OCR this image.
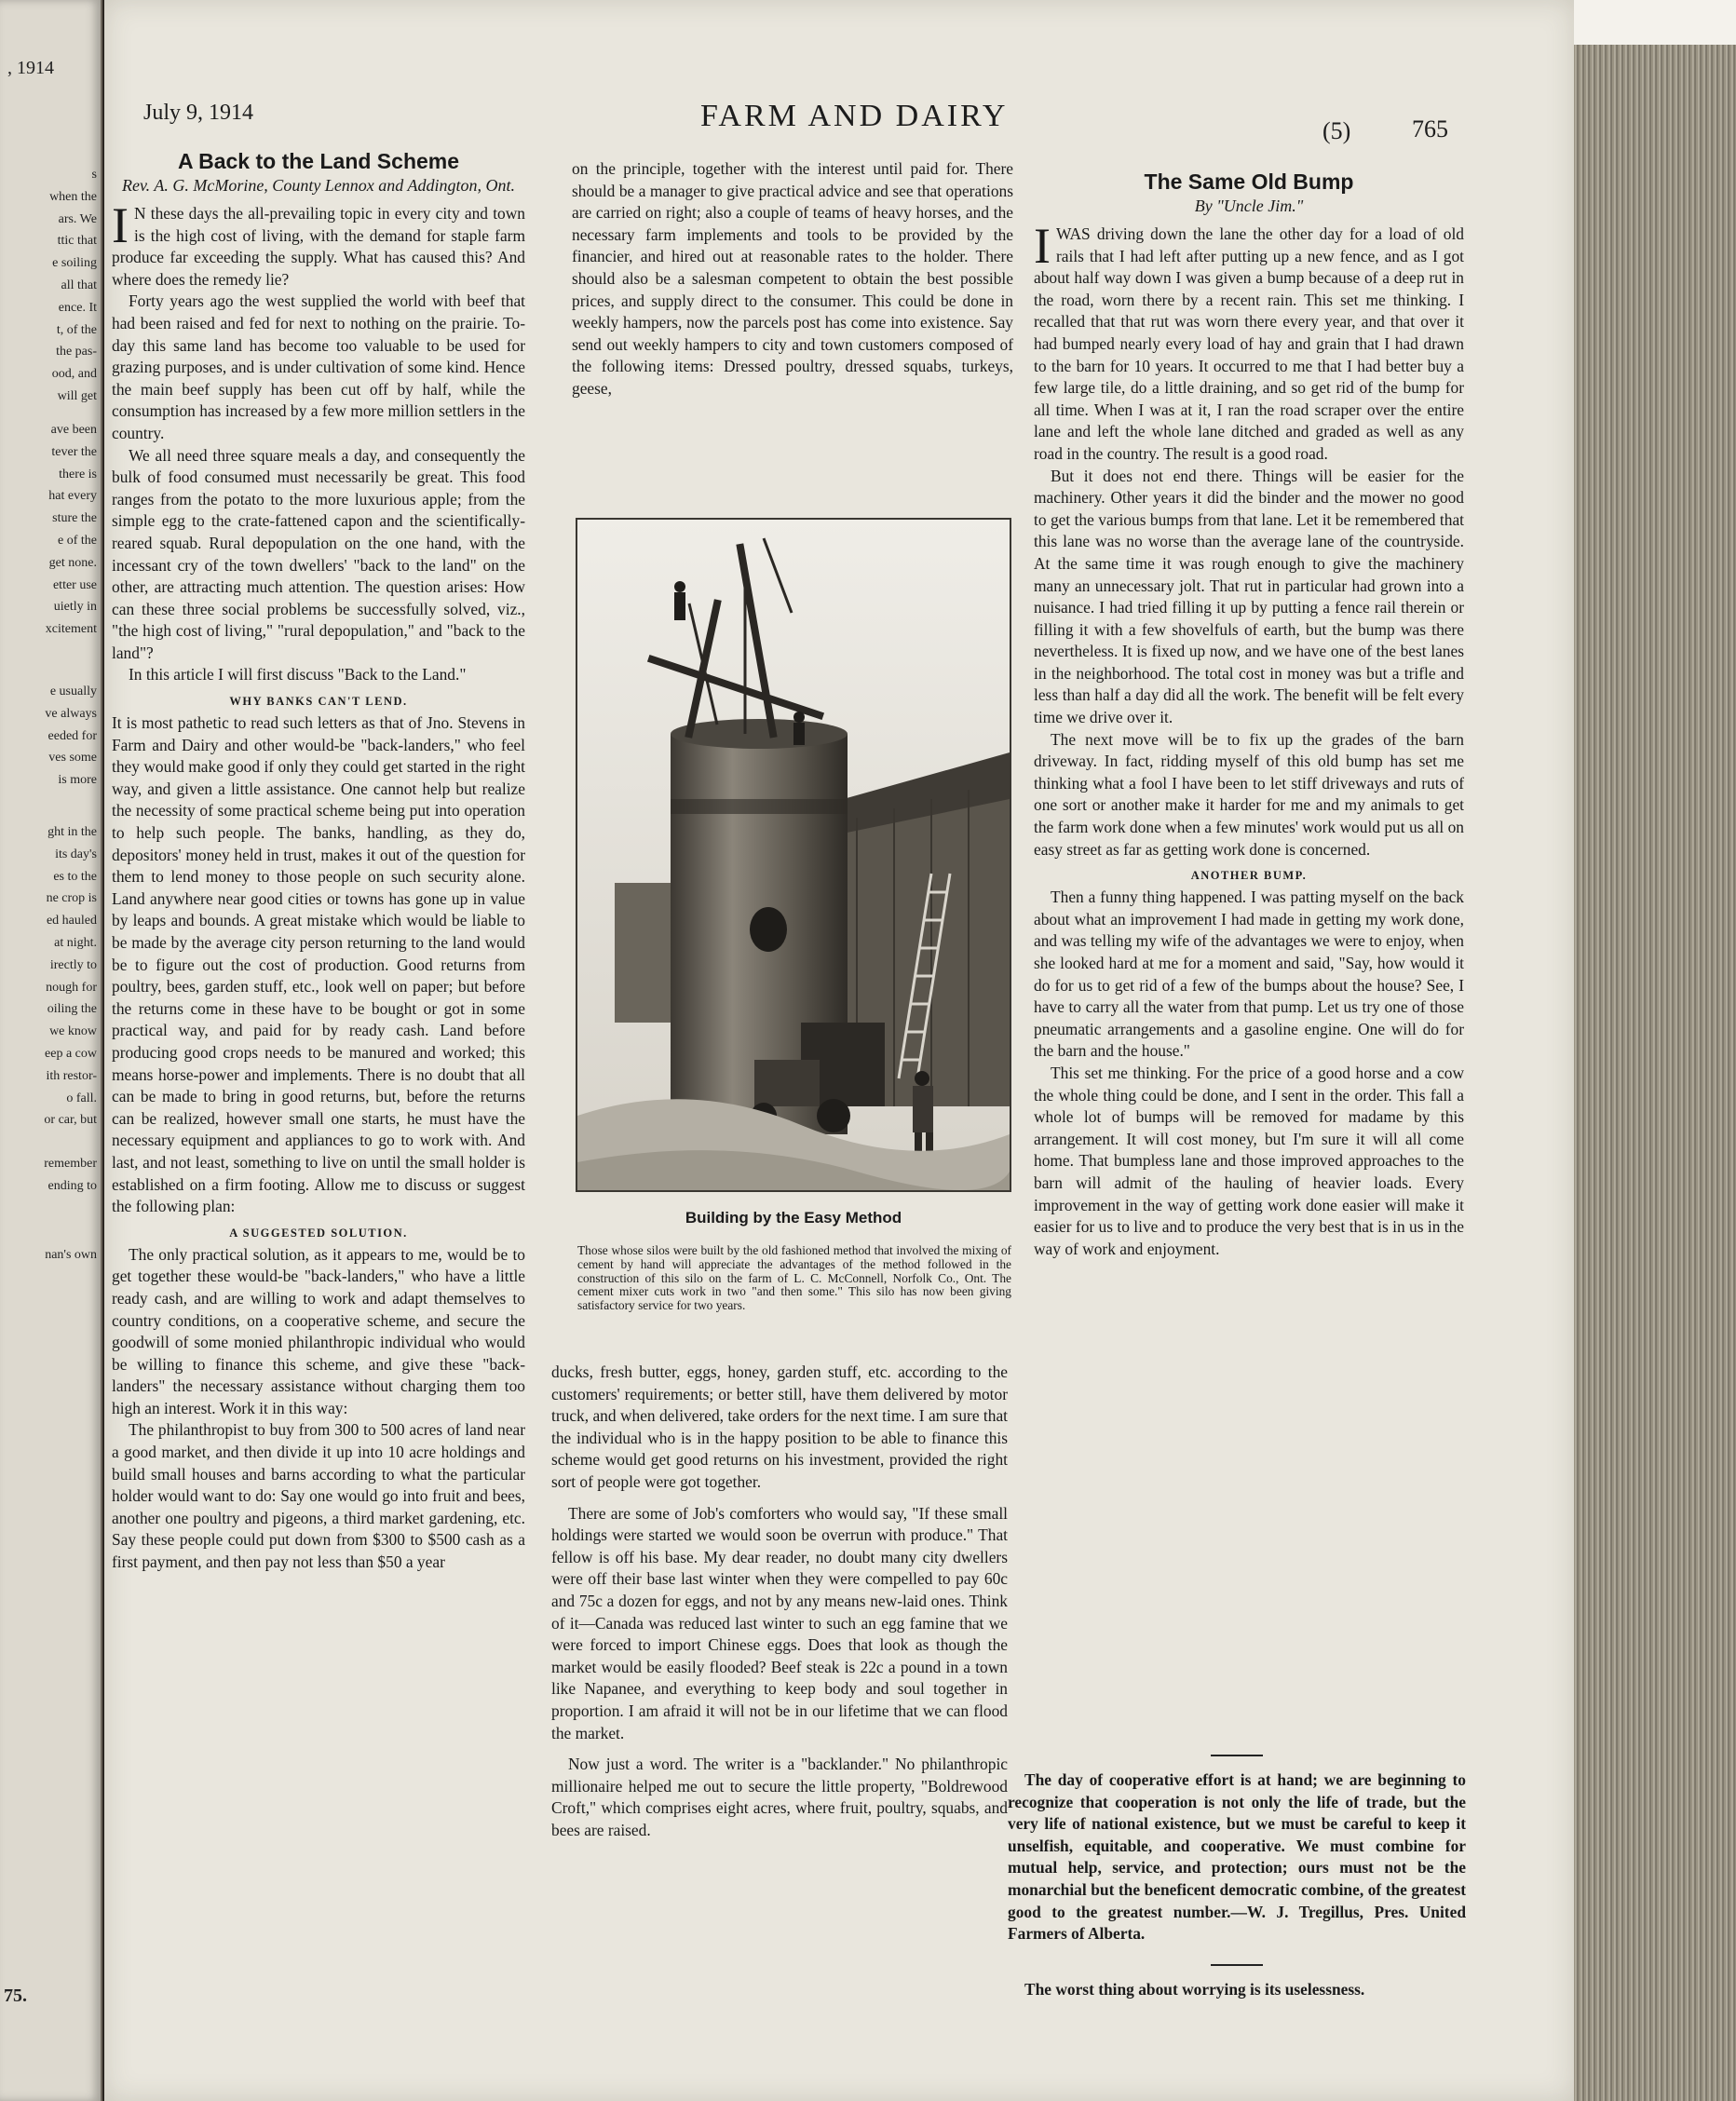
, 1914
s
when the
ars. We
ttic that
e soiling
all that
ence. It
t, of the
the pas-
ood, and
will get
ave been
tever the
there is
hat every
sture the
e of the
get none.
etter use
uietly in
xcitement
e usually
ve always
eeded for
ves some
is more
ght in the
its day's
es to the
ne crop is
ed hauled
at night.
irectly to
nough for
oiling the
we know
eep a cow
ith restor-
o fall.
or car, but
remember
ending to
nan's own
75.
July 9, 1914	FARM AND DAIRY	(5)	765
A Back to the Land Scheme
Rev. A. G. McMorine, County Lennox and Addington, Ont.

I N these days the all-prevailing topic in every city and town is the high cost of living, with the demand for staple farm produce far exceeding the supply. What has caused this? And where does the remedy lie?

Forty years ago the west supplied the world with beef that had been raised and fed for next to nothing on the prairie. To-day this same land has become too valuable to be used for grazing purposes, and is under cultivation of some kind. Hence the main beef supply has been cut off by half, while the consumption has increased by a few more million settlers in the country.

We all need three square meals a day, and consequently the bulk of food consumed must necessarily be great. This food ranges from the potato to the more luxurious apple; from the simple egg to the crate-fattened capon and the scientifically-reared squab. Rural depopulation on the one hand, with the incessant cry of the town dwellers' "back to the land" on the other, are attracting much attention. The question arises: How can these three social problems be successfully solved, viz., "the high cost of living," "rural depopulation," and "back to the land"?

In this article I will first discuss "Back to the Land."

WHY BANKS CAN'T LEND.

It is most pathetic to read such letters as that of Jno. Stevens in Farm and Dairy and other would-be "back-landers," who feel they would make good if only they could get started in the right way, and given a little assistance. One cannot help but realize the necessity of some practical scheme being put into operation to help such people. The banks, handling, as they do, depositors' money held in trust, makes it out of the question for them to lend money to those people on such security alone. Land anywhere near good cities or towns has gone up in value by leaps and bounds. A great mistake which would be liable to be made by the average city person returning to the land would be to figure out the cost of production. Good returns from poultry, bees, garden stuff, etc., look well on paper; but before the returns come in these have to be bought or got in some practical way, and paid for by ready cash. Land before producing good crops needs to be manured and worked; this means horse-power and implements. There is no doubt that all can be made to bring in good returns, but, before the returns can be realized, however small one starts, he must have the necessary equipment and appliances to go to work with. And last, and not least, something to live on until the small holder is established on a firm footing. Allow me to discuss or suggest the following plan:

A SUGGESTED SOLUTION.

The only practical solution, as it appears to me, would be to get together these would-be "back-landers," who have a little ready cash, and are willing to work and adapt themselves to country conditions, on a cooperative scheme, and secure the goodwill of some monied philanthropic individual who would be willing to finance this scheme, and give these "back-landers" the necessary assistance without charging them too high an interest. Work it in this way:

The philanthropist to buy from 300 to 500 acres of land near a good market, and then divide it up into 10 acre holdings and build small houses and barns according to what the particular holder would want to do: Say one would go into fruit and bees, another one poultry and pigeons, a third market gardening, etc. Say these people could put down from $300 to $500 cash as a first payment, and then pay not less than $50 a year

on the principle, together with the interest until paid for. There should be a manager to give practical advice and see that operations are carried on right; also a couple of teams of heavy horses, and the necessary farm implements and tools to be provided by the financier, and hired out at reasonable rates to the holder. There should also be a salesman competent to obtain the best possible prices, and supply direct to the consumer. This could be done in weekly hampers, now the parcels post has come into existence. Say send out weekly hampers to city and town customers composed of the following items: Dressed poultry, dressed squabs, turkeys, geese,

Building by the Easy Method
Those whose silos were built by the old fashioned method that involved the mixing of cement by hand will appreciate the advantages of the method followed in the construction of this silo on the farm of L. C. McConnell, Norfolk Co., Ont. The cement mixer cuts work in two "and then some." This silo has now been giving satisfactory service for two years.

ducks, fresh butter, eggs, honey, garden stuff, etc. according to the customers' requirements; or better still, have them delivered by motor truck, and when delivered, take orders for the next time. I am sure that the individual who is in the happy position to be able to finance this scheme would get good returns on his investment, provided the right sort of people were got together.

There are some of Job's comforters who would say, "If these small holdings were started we would soon be overrun with produce." That fellow is off his base. My dear reader, no doubt many city dwellers were off their base last winter when they were compelled to pay 60c and 75c a dozen for eggs, and not by any means new-laid ones. Think of it—Canada was reduced last winter to such an egg famine that we were forced to import Chinese eggs. Does that look as though the market would be easily flooded? Beef steak is 22c a pound in a town like Napanee, and everything to keep body and soul together in proportion. I am afraid it will not be in our lifetime that we can flood the market.

Now just a word. The writer is a "backlander." No philanthropic millionaire helped me out to secure the little property, "Boldrewood Croft," which comprises eight acres, where fruit, poultry, squabs, and bees are raised.

The Same Old Bump
By "Uncle Jim."

IWAS driving down the lane the other day for a load of old rails that I had left after putting up a new fence, and as I got about half way down I was given a bump because of a deep rut in the road, worn there by a recent rain. This set me thinking. I recalled that that rut was worn there every year, and that over it had bumped nearly every load of hay and grain that I had drawn to the barn for 10 years. It occurred to me that I had better buy a few large tile, do a little draining, and so get rid of the bump for all time. When I was at it, I ran the road scraper over the entire lane and left the whole lane ditched and graded as well as any road in the country. The result is a good road.

But it does not end there. Things will be easier for the machinery. Other years it did the binder and the mower no good to get the various bumps from that lane. Let it be remembered that this lane was no worse than the average lane of the countryside. At the same time it was rough enough to give the machinery many an unnecessary jolt. That rut in particular had grown into a nuisance. I had tried filling it up by putting a fence rail therein or filling it with a few shovelfuls of earth, but the bump was there nevertheless. It is fixed up now, and we have one of the best lanes in the neighborhood. The total cost in money was but a trifle and less than half a day did all the work. The benefit will be felt every time we drive over it.

The next move will be to fix up the grades of the barn driveway. In fact, ridding myself of this old bump has set me thinking what a fool I have been to let stiff driveways and ruts of one sort or another make it harder for me and my animals to get the farm work done when a few minutes' work would put us all on easy street as far as getting work done is concerned.

ANOTHER BUMP.

Then a funny thing happened. I was patting myself on the back about what an improvement I had made in getting my work done, and was telling my wife of the advantages we were to enjoy, when she looked hard at me for a moment and said, "Say, how would it do for us to get rid of a few of the bumps about the house? See, I have to carry all the water from that pump. Let us try one of those pneumatic arrangements and a gasoline engine. One will do for the barn and the house."

This set me thinking. For the price of a good horse and a cow the whole thing could be done, and I sent in the order. This fall a whole lot of bumps will be removed for madame by this arrangement. It will cost money, but I'm sure it will all come home. That bumpless lane and those improved approaches to the barn will admit of the hauling of heavier loads. Every improvement in the way of getting work done easier will make it easier for us to live and to produce the very best that is in us in the way of work and enjoyment.

The day of cooperative effort is at hand; we are beginning to recognize that cooperation is not only the life of trade, but the very life of national existence, but we must be careful to keep it unselfish, equitable, and cooperative. We must combine for mutual help, service, and protection; ours must not be the monarchial but the beneficent democratic combine, of the greatest good to the greatest number.—W. J. Tregillus, Pres. United Farmers of Alberta.

The worst thing about worrying is its uselessness.
